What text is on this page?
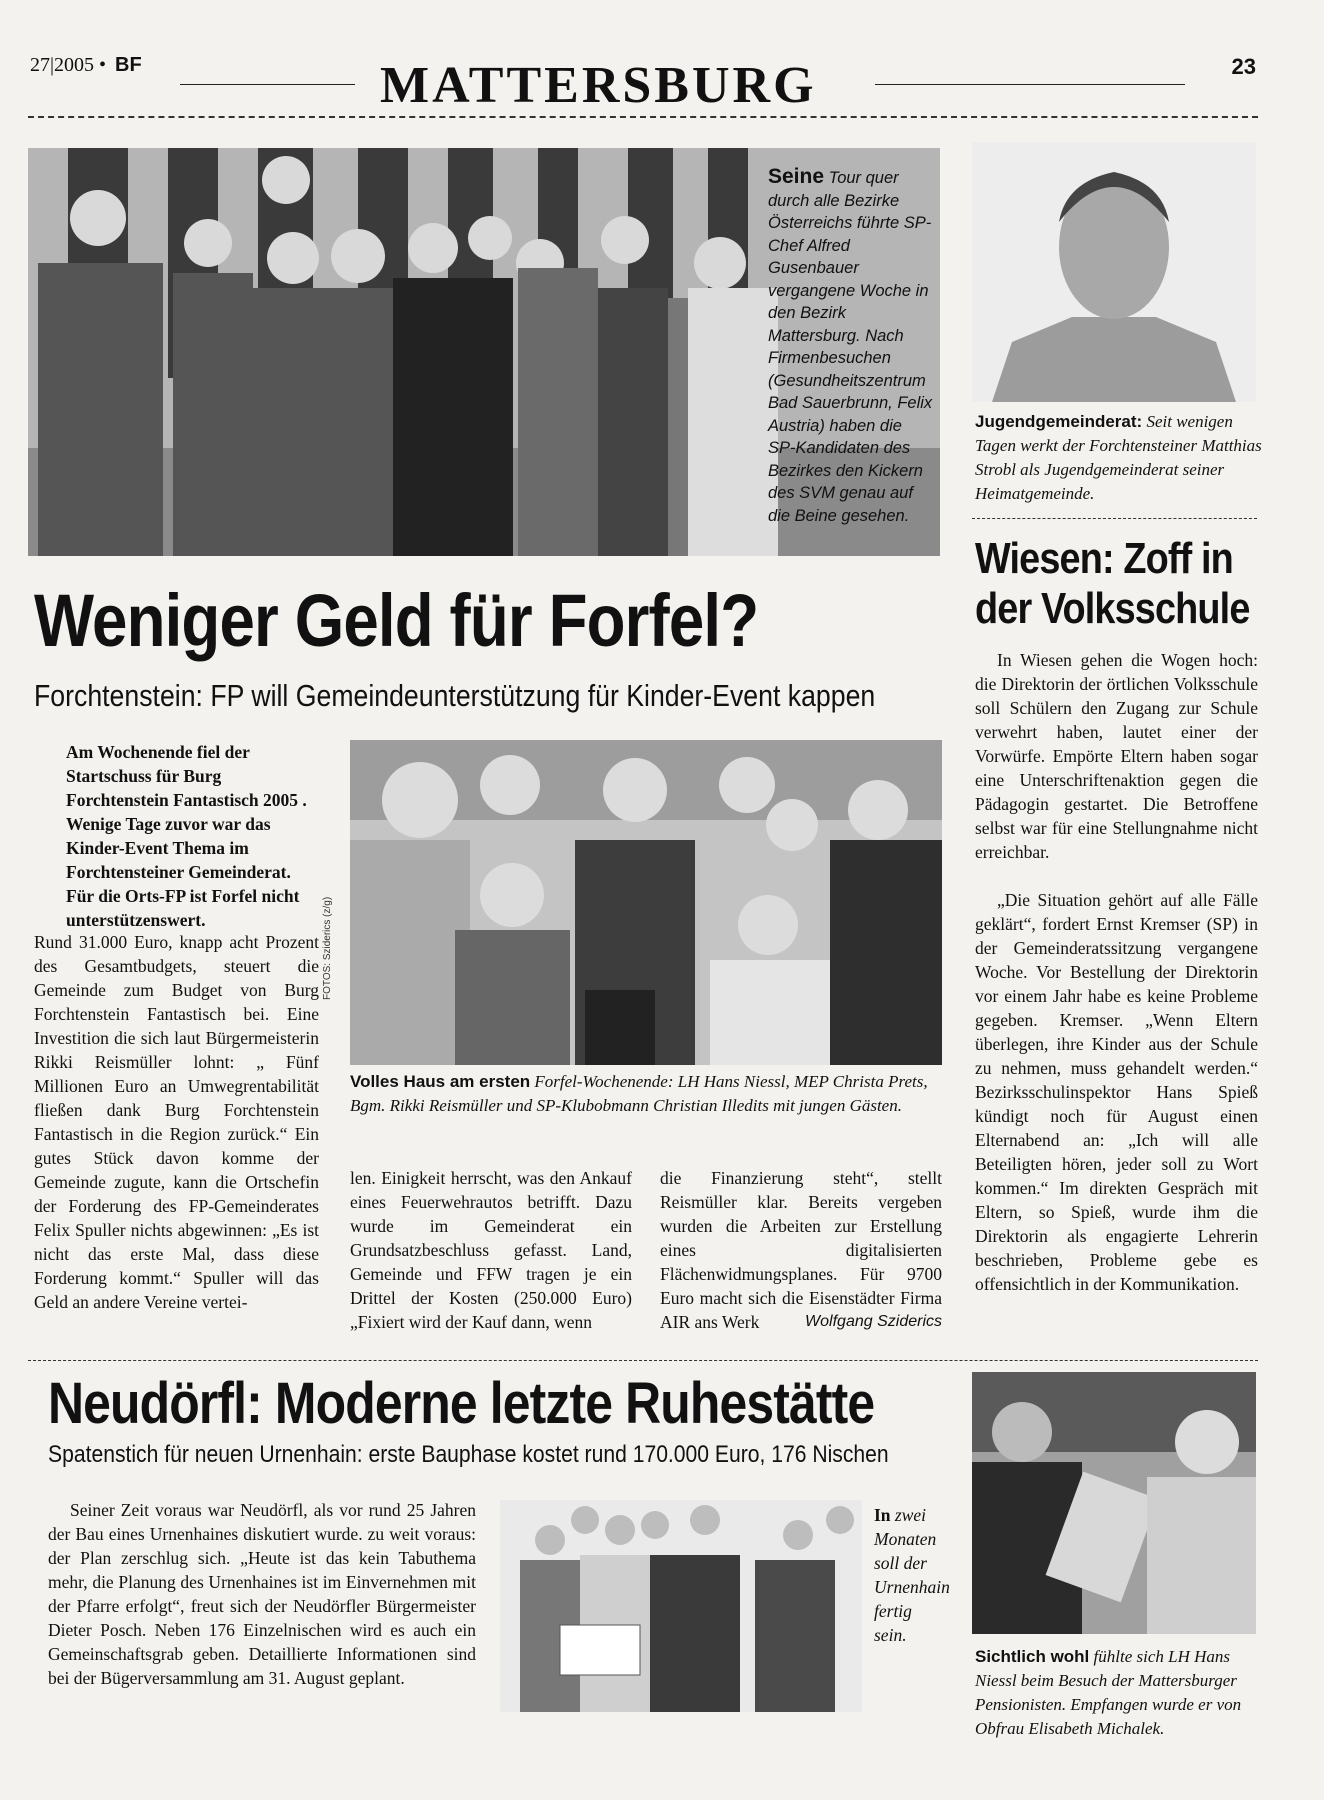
27|2005 • BF	MATTERSBURG	23
Seine Tour quer durch alle Bezirke Österreichs führte SP-Chef Alfred Gusenbauer vergangene Woche in den Bezirk Mattersburg. Nach Firmenbesuchen (Gesundheitszentrum Bad Sauerbrunn, Felix Austria) haben die SP-Kandidaten des Bezirkes den Kickern des SVM genau auf die Beine gesehen.
Jugendgemeinderat: Seit wenigen Tagen werkt der Forchtensteiner Matthias Strobl als Jugendgemeinderat seiner Heimatgemeinde.
Weniger Geld für Forfel?
Forchtenstein: FP will Gemeindeunterstützung für Kinder-Event kappen
Am Wochenende fiel der Startschuss für Burg Forchtenstein Fantastisch 2005 . Wenige Tage zuvor war das Kinder-Event Thema im Forchtensteiner Gemeinderat. Für die Orts-FP ist Forfel nicht unterstützenswert.
Rund 31.000 Euro, knapp acht Prozent des Gesamtbudgets, steuert die Gemeinde zum Budget von Burg Forchtenstein Fantastisch bei. Eine Investition die sich laut Bürgermeisterin Rikki Reismüller lohnt: „ Fünf Millionen Euro an Umwegrentabilität fließen dank Burg Forchtenstein Fantastisch in die Region zurück.“ Ein gutes Stück davon komme der Gemeinde zugute, kann die Ortschefin der Forderung des FP-Gemeinderates Felix Spuller nichts abgewinnen: „Es ist nicht das erste Mal, dass diese Forderung kommt.“ Spuller will das Geld an andere Vereine vertei-
FOTOS: Sziderics (z/g)
Volles Haus am ersten Forfel-Wochenende: LH Hans Niessl, MEP Christa Prets, Bgm. Rikki Reismüller und SP-Klubobmann Christian Illedits mit jungen Gästen.
len. Einigkeit herrscht, was den Ankauf eines Feuerwehrautos betrifft. Dazu wurde im Gemeinderat ein Grundsatzbeschluss gefasst. Land, Gemeinde und FFW tragen je ein Drittel der Kosten (250.000 Euro) „Fixiert wird der Kauf dann, wenn
die Finanzierung steht“, stellt Reismüller klar. Bereits vergeben wurden die Arbeiten zur Erstellung eines digitalisierten Flächenwidmungsplanes. Für 9700 Euro macht sich die Eisenstädter Firma AIR ans Werk	Wolfgang Sziderics
Wiesen: Zoff in
der Volksschule
In Wiesen gehen die Wogen hoch: die Direktorin der örtlichen Volksschule soll Schülern den Zugang zur Schule verwehrt haben, lautet einer der Vorwürfe. Empörte Eltern haben sogar eine Unterschriftenaktion gegen die Pädagogin gestartet. Die Betroffene selbst war für eine Stellungnahme nicht erreichbar.
„Die Situation gehört auf alle Fälle geklärt“, fordert Ernst Kremser (SP) in der Gemeinderatssitzung vergangene Woche. Vor Bestellung der Direktorin vor einem Jahr habe es keine Probleme gegeben. Kremser. „Wenn Eltern überlegen, ihre Kinder aus der Schule zu nehmen, muss gehandelt werden.“ Bezirksschulinspektor Hans Spieß kündigt noch für August einen Elternabend an: „Ich will alle Beteiligten hören, jeder soll zu Wort kommen.“ Im direkten Gespräch mit Eltern, so Spieß, wurde ihm die Direktorin als engagierte Lehrerin beschrieben, Probleme gebe es offensichtlich in der Kommunikation.
Neudörfl: Moderne letzte Ruhestätte
Spatenstich für neuen Urnenhain: erste Bauphase kostet rund 170.000 Euro, 176 Nischen
Seiner Zeit voraus war Neudörfl, als vor rund 25 Jahren der Bau eines Urnenhaines diskutiert wurde. zu weit voraus: der Plan zerschlug sich. „Heute ist das kein Tabuthema mehr, die Planung des Urnenhaines ist im Einvernehmen mit der Pfarre erfolgt“, freut sich der Neudörfler Bürgermeister Dieter Posch. Neben 176 Einzelnischen wird es auch ein Gemeinschaftsgrab geben. Detaillierte Informationen sind bei der Bügerversammlung am 31. August geplant.
In zwei Monaten soll der Urnenhain fertig sein.
Sichtlich wohl fühlte sich LH Hans Niessl beim Besuch der Mattersburger Pensionisten. Empfangen wurde er von Obfrau Elisabeth Michalek.
